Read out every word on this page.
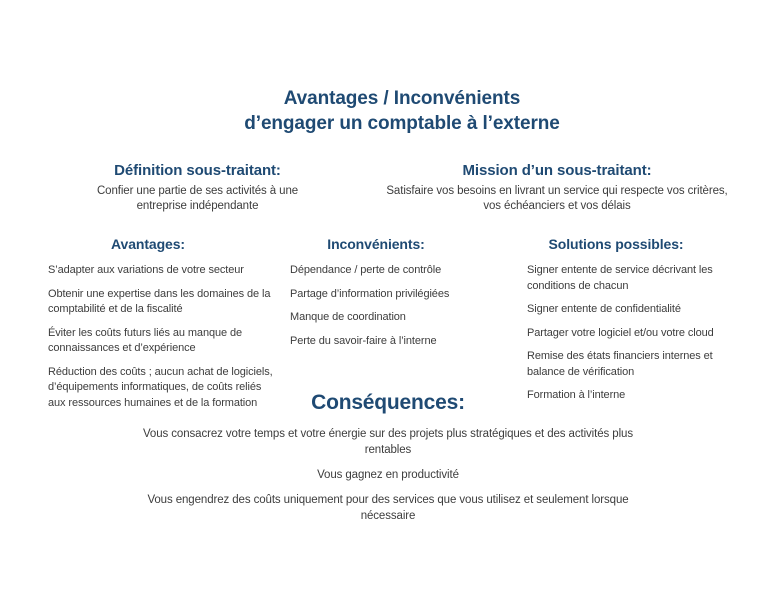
Avantages / Inconvénients
d’engager un comptable à l’externe
Définition sous-traitant:

Confier une partie de ses activités à une entreprise indépendante

Mission d’un sous-traitant:

Satisfaire vos besoins en livrant un service qui respecte vos critères, vos échéanciers et vos délais

Avantages:

S’adapter aux variations de votre secteur

Obtenir une expertise dans les domaines de la comptabilité et de la fiscalité

Éviter les coûts futurs liés au manque de connaissances et d’expérience

Réduction des coûts ; aucun achat de logiciels, d’équipements informatiques, de coûts reliés aux ressources humaines et de la formation

Inconvénients:

Dépendance / perte de contrôle

Partage d’information privilégiées

Manque de coordination

Perte du savoir-faire à l’interne

Solutions possibles:

Signer entente de service décrivant les conditions de chacun

Signer entente de confidentialité

Partager votre logiciel et/ou votre cloud

Remise des états financiers internes et balance de vérification

Formation à l’interne

Conséquences:

Vous consacrez votre temps et votre énergie sur des projets plus stratégiques et des activités plus rentables

Vous gagnez en productivité

Vous engendrez des coûts uniquement pour des services que vous utilisez et seulement lorsque nécessaire
